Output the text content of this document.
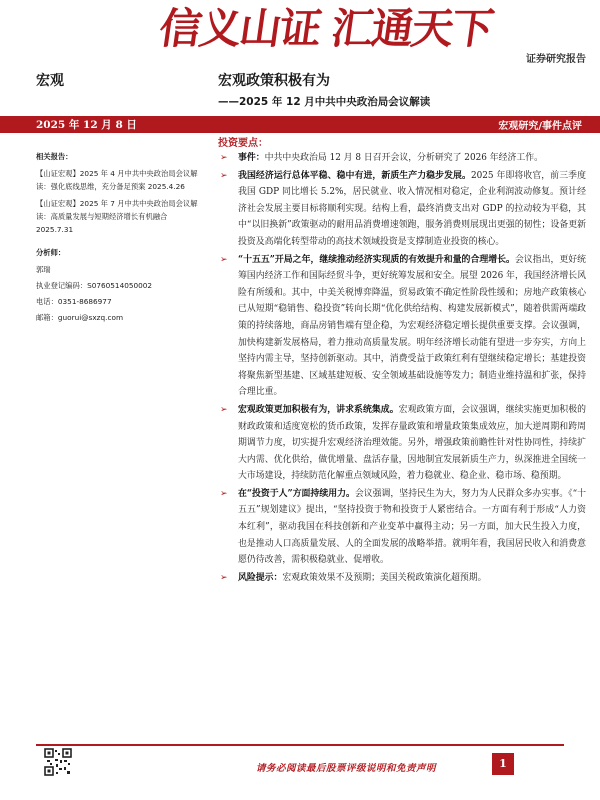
信义山证 汇通天下
证券研究报告
宏观	宏观政策积极有为
——2025 年 12 月中共中央政治局会议解读
2025 年 12 月 8 日	宏观研究/事件点评
相关报告：
【山证宏观】2025 年 4 月中共中央政治局会议解读：强化底线思维，充分备足预案 2025.4.26
【山证宏观】2025 年 7 月中共中央政治局会议解读：高质量发展与短期经济增长有机融合 2025.7.31
分析师：
郭瑞
执业登记编码：S0760514050002
电话：0351-8686977
邮箱：guorui@sxzq.com
投资要点：
➢ 事件：中共中央政治局 12 月 8 日召开会议，分析研究了 2026 年经济工作。
➢ 我国经济运行总体平稳、稳中有进，新质生产力稳步发展。2025 年即将收官，前三季度我国 GDP 同比增长 5.2%，居民就业、收入情况相对稳定，企业利润波动修复。预计经济社会发展主要目标将顺利实现。结构上看，最终消费支出对 GDP 的拉动较为平稳，其中“以旧换新”政策驱动的耐用品消费增速领跑，服务消费则展现出更强的韧性；设备更新投资及高端化转型带动的高技术领域投资是支撑制造业投资的核心。
➢ “十五五”开局之年，继续推动经济实现质的有效提升和量的合理增长。会议指出，更好统筹国内经济工作和国际经贸斗争，更好统筹发展和安全。展望 2026 年，我国经济增长风险有所缓和。其中，中美关税博弈降温，贸易政策不确定性阶段性缓和；房地产政策核心已从短期“稳销售、稳投资”转向长期“优化供给结构、构建发展新模式”，随着供需两端政策的持续落地，商品房销售端有望企稳，为宏观经济稳定增长提供重要支撑。会议强调，加快构建新发展格局，着力推动高质量发展。明年经济增长动能有望进一步夯实，方向上坚持内需主导，坚持创新驱动。其中，消费受益于政策红利有望继续稳定增长；基建投资将聚焦新型基建、区域基建短板、安全领域基础设施等发力；制造业维持温和扩张，保持合理比重。
➢ 宏观政策更加积极有为，讲求系统集成。宏观政策方面，会议强调，继续实施更加积极的财政政策和适度宽松的货币政策，发挥存量政策和增量政策集成效应，加大逆周期和跨周期调节力度，切实提升宏观经济治理效能。另外，增强政策前瞻性针对性协同性，持续扩大内需、优化供给，做优增量、盘活存量，因地制宜发展新质生产力，纵深推进全国统一大市场建设，持续防范化解重点领域风险，着力稳就业、稳企业、稳市场、稳预期。
➢ 在“投资于人”方面持续用力。会议强调，坚持民生为大，努力为人民群众多办实事。《“十五五”规划建议》提出，“坚持投资于物和投资于人紧密结合。一方面有利于形成“人力资本红利”，驱动我国在科技创新和产业变革中赢得主动；另一方面，加大民生投入力度，也是推动人口高质量发展、人的全面发展的战略举措。就明年看，我国居民收入和消费意愿仍待改善，需积极稳就业、促增收。
➢ 风险提示：宏观政策效果不及预期；美国关税政策演化超预期。
请务必阅读最后股票评级说明和免责声明	1
